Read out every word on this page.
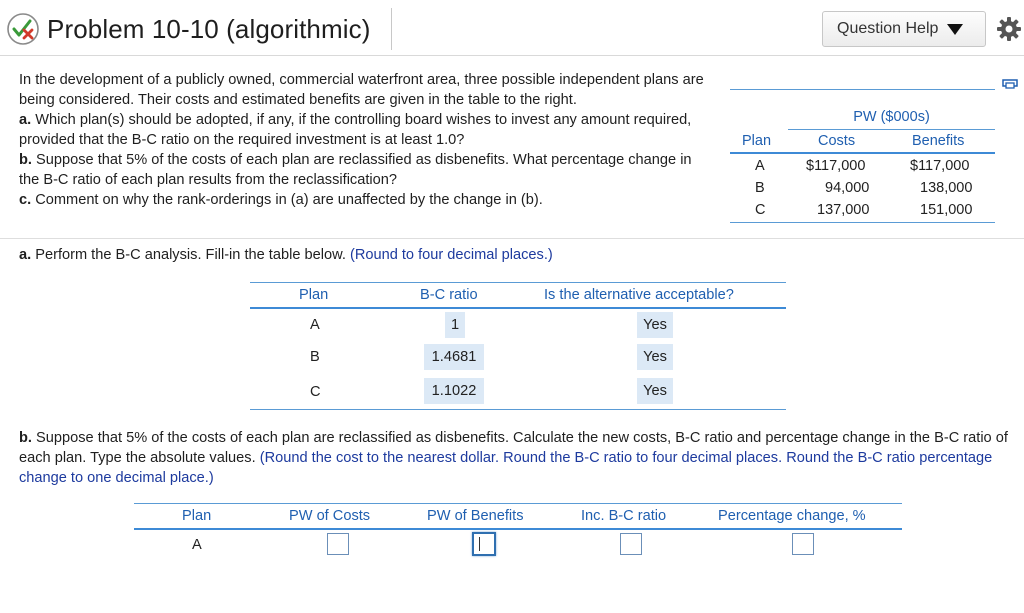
Problem 10-10 (algorithmic)	Question Help
In the development of a publicly owned, commercial waterfront area, three possible independent plans are being considered. Their costs and estimated benefits are given in the table to the right.
a. Which plan(s) should be adopted, if any, if the controlling board wishes to invest any amount required, provided that the B-C ratio on the required investment is at least 1.0?
b. Suppose that 5% of the costs of each plan are reclassified as disbenefits. What percentage change in the B-C ratio of each plan results from the reclassification?
c. Comment on why the rank-orderings in (a) are unaffected by the change in (b).
PW ($000s)
Plan	Costs	Benefits
A	$117,000	$117,000
B	94,000	138,000
C	137,000	151,000
a. Perform the B-C analysis. Fill-in the table below. (Round to four decimal places.)
Plan	B-C ratio	Is the alternative acceptable?
A	1	Yes
B	1.4681	Yes
C	1.1022	Yes
b. Suppose that 5% of the costs of each plan are reclassified as disbenefits. Calculate the new costs, B-C ratio and percentage change in the B-C ratio of each plan. Type the absolute values. (Round the cost to the nearest dollar. Round the B-C ratio to four decimal places. Round the B-C ratio percentage change to one decimal place.)
Plan	PW of Costs	PW of Benefits	Inc. B-C ratio	Percentage change, %
A
